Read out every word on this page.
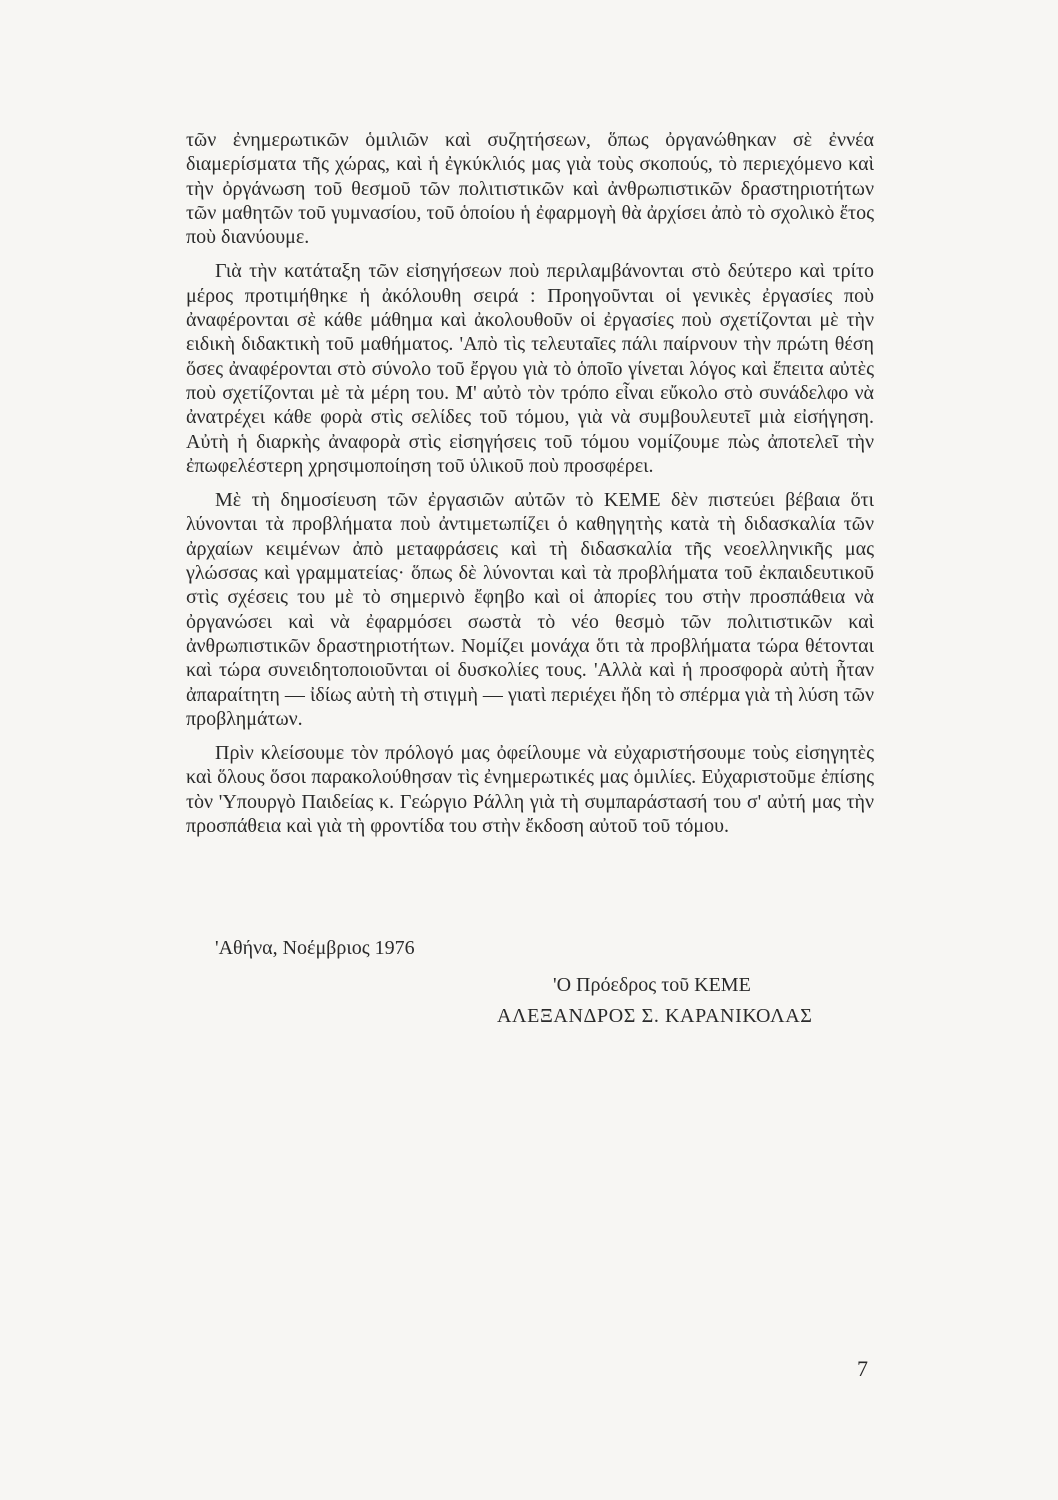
τῶν ἐνημερωτικῶν ὁμιλιῶν καὶ συζητήσεων, ὅπως ὀργανώθηκαν σὲ ἐννέα διαμερίσματα τῆς χώρας, καὶ ἡ ἐγκύκλιός μας γιὰ τοὺς σκοπούς, τὸ περιεχόμενο καὶ τὴν ὀργάνωση τοῦ θεσμοῦ τῶν πολιτιστικῶν καὶ ἀνθρωπιστικῶν δραστηριοτήτων τῶν μαθητῶν τοῦ γυμνασίου, τοῦ ὁποίου ἡ ἐφαρμογὴ θὰ ἀρχίσει ἀπὸ τὸ σχολικὸ ἔτος ποὺ διανύουμε.

Γιὰ τὴν κατάταξη τῶν εἰσηγήσεων ποὺ περιλαμβάνονται στὸ δεύτερο καὶ τρίτο μέρος προτιμήθηκε ἡ ἀκόλουθη σειρά : Προηγοῦνται οἱ γενικὲς ἐργασίες ποὺ ἀναφέρονται σὲ κάθε μάθημα καὶ ἀκολουθοῦν οἱ ἐργασίες ποὺ σχετίζονται μὲ τὴν ειδικὴ διδακτικὴ τοῦ μαθήματος. 'Απὸ τὶς τελευταῖες πάλι παίρνουν τὴν πρώτη θέση ὅσες ἀναφέρονται στὸ σύνολο τοῦ ἔργου γιὰ τὸ ὁποῖο γίνεται λόγος καὶ ἔπειτα αὐτὲς ποὺ σχετίζονται μὲ τὰ μέρη του. Μ' αὐτὸ τὸν τρόπο εἶναι εὔκολο στὸ συνάδελφο νὰ ἀνατρέχει κάθε φορὰ στὶς σελίδες τοῦ τόμου, γιὰ νὰ συμβουλευτεῖ μιὰ εἰσήγηση. Αὐτὴ ἡ διαρκὴς ἀναφορὰ στὶς εἰσηγήσεις τοῦ τόμου νομίζουμε πὼς ἀποτελεῖ τὴν ἐπωφελέστερη χρησιμοποίηση τοῦ ὑλικοῦ ποὺ προσφέρει.

Μὲ τὴ δημοσίευση τῶν ἐργασιῶν αὐτῶν τὸ ΚΕΜΕ δὲν πιστεύει βέβαια ὅτι λύνονται τὰ προβλήματα ποὺ ἀντιμετωπίζει ὁ καθηγητὴς κατὰ τὴ διδασκαλία τῶν ἀρχαίων κειμένων ἀπὸ μεταφράσεις καὶ τὴ διδασκαλία τῆς νεοελληνικῆς μας γλώσσας καὶ γραμματείας· ὅπως δὲ λύνονται καὶ τὰ προβλήματα τοῦ ἐκπαιδευτικοῦ στὶς σχέσεις του μὲ τὸ σημερινὸ ἔφηβο καὶ οἱ ἀπορίες του στὴν προσπάθεια νὰ ὀργανώσει καὶ νὰ ἐφαρμόσει σωστὰ τὸ νέο θεσμὸ τῶν πολιτιστικῶν καὶ ἀνθρωπιστικῶν δραστηριοτήτων. Νομίζει μονάχα ὅτι τὰ προβλήματα τώρα θέτονται καὶ τώρα συνειδητοποιοῦνται οἱ δυσκολίες τους. 'Αλλὰ καὶ ἡ προσφορὰ αὐτὴ ἦταν ἀπαραίτητη — ἰδίως αὐτὴ τὴ στιγμὴ — γιατὶ περιέχει ἤδη τὸ σπέρμα γιὰ τὴ λύση τῶν προβλημάτων.

Πρὶν κλείσουμε τὸν πρόλογό μας ὀφείλουμε νὰ εὐχαριστήσουμε τοὺς εἰσηγητὲς καὶ ὅλους ὅσοι παρακολούθησαν τὶς ἐνημερωτικές μας ὁμιλίες. Εὐχαριστοῦμε ἐπίσης τὸν 'Υπουργὸ Παιδείας κ. Γεώργιο Ράλλη γιὰ τὴ συμπαράστασή του σ' αὐτή μας τὴν προσπάθεια καὶ γιὰ τὴ φροντίδα του στὴν ἔκδοση αὐτοῦ τοῦ τόμου.

'Αθήνα, Νοέμβριος 1976
'Ο Πρόεδρος τοῦ ΚΕΜΕ
ΑΛΕΞΑΝΔΡΟΣ Σ. ΚΑΡΑΝΙΚΟΛΑΣ
7
